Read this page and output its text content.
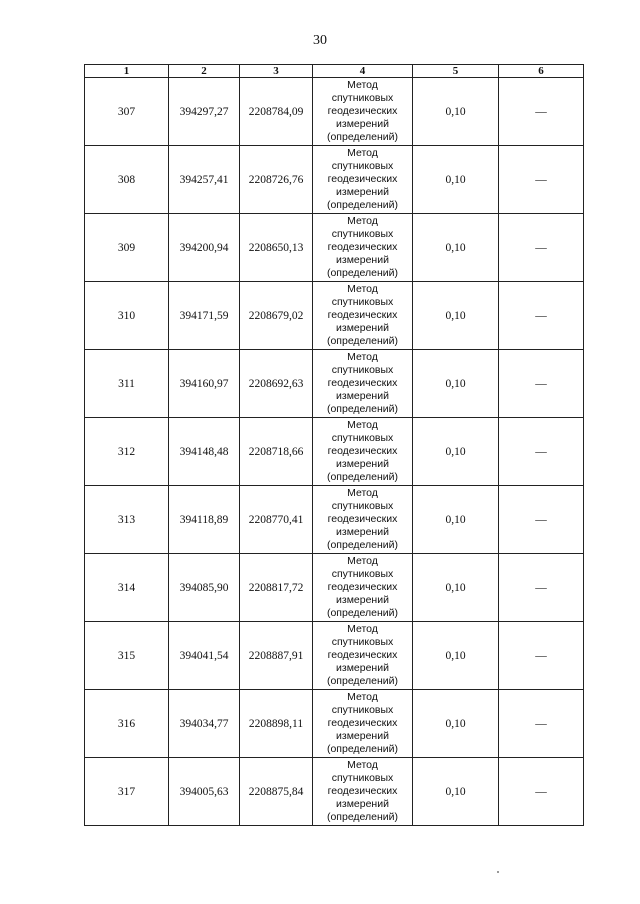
30
1	2	3	4	5	6
307	394297,27	2208784,09	Метод
спутниковых
геодезических
измерений
(определений)	0,10	—
308	394257,41	2208726,76	Метод
спутниковых
геодезических
измерений
(определений)	0,10	—
309	394200,94	2208650,13	Метод
спутниковых
геодезических
измерений
(определений)	0,10	—
310	394171,59	2208679,02	Метод
спутниковых
геодезических
измерений
(определений)	0,10	—
311	394160,97	2208692,63	Метод
спутниковых
геодезических
измерений
(определений)	0,10	—
312	394148,48	2208718,66	Метод
спутниковых
геодезических
измерений
(определений)	0,10	—
313	394118,89	2208770,41	Метод
спутниковых
геодезических
измерений
(определений)	0,10	—
314	394085,90	2208817,72	Метод
спутниковых
геодезических
измерений
(определений)	0,10	—
315	394041,54	2208887,91	Метод
спутниковых
геодезических
измерений
(определений)	0,10	—
316	394034,77	2208898,11	Метод
спутниковых
геодезических
измерений
(определений)	0,10	—
317	394005,63	2208875,84	Метод
спутниковых
геодезических
измерений
(определений)	0,10	—
